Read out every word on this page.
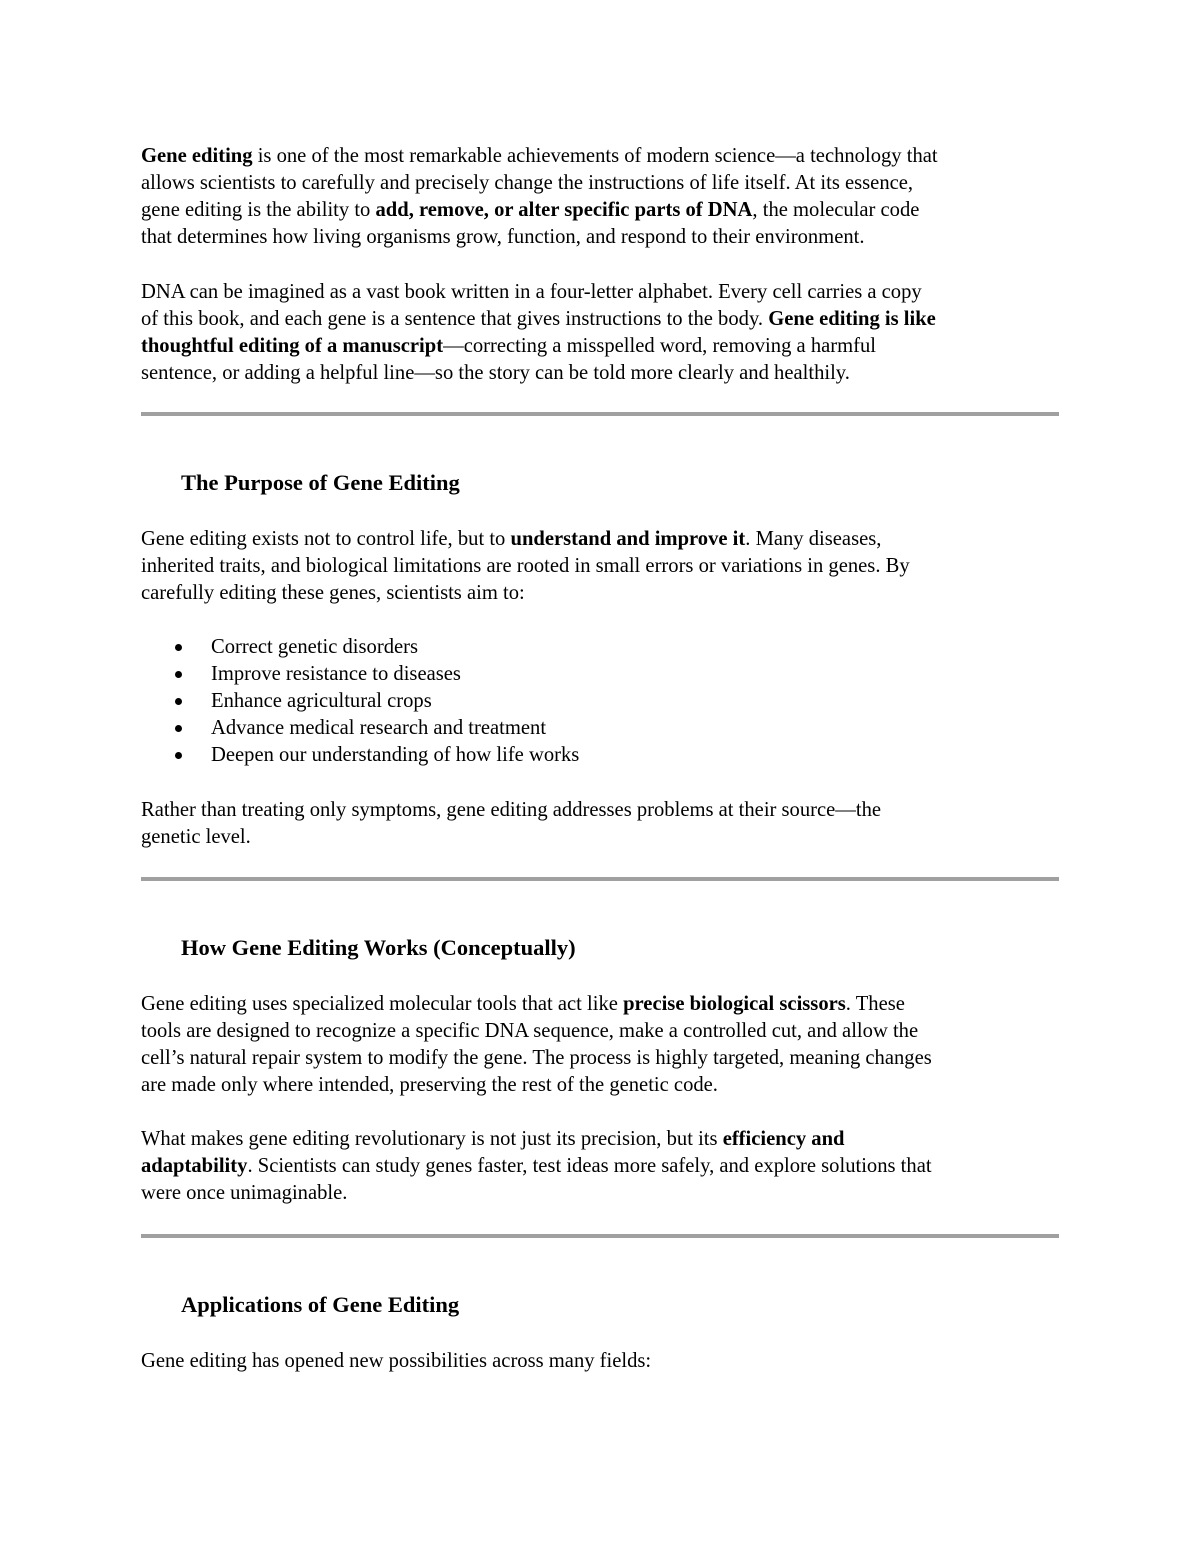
Gene editing is one of the most remarkable achievements of modern science—a technology that
allows scientists to carefully and precisely change the instructions of life itself. At its essence,
gene editing is the ability to add, remove, or alter specific parts of DNA, the molecular code
that determines how living organisms grow, function, and respond to their environment.

DNA can be imagined as a vast book written in a four-letter alphabet. Every cell carries a copy
of this book, and each gene is a sentence that gives instructions to the body. Gene editing is like
thoughtful editing of a manuscript—correcting a misspelled word, removing a harmful
sentence, or adding a helpful line—so the story can be told more clearly and healthily.

The Purpose of Gene Editing

Gene editing exists not to control life, but to understand and improve it. Many diseases,
inherited traits, and biological limitations are rooted in small errors or variations in genes. By
carefully editing these genes, scientists aim to:

Correct genetic disorders
Improve resistance to diseases
Enhance agricultural crops
Advance medical research and treatment
Deepen our understanding of how life works

Rather than treating only symptoms, gene editing addresses problems at their source—the
genetic level.

How Gene Editing Works (Conceptually)

Gene editing uses specialized molecular tools that act like precise biological scissors. These
tools are designed to recognize a specific DNA sequence, make a controlled cut, and allow the
cell’s natural repair system to modify the gene. The process is highly targeted, meaning changes
are made only where intended, preserving the rest of the genetic code.

What makes gene editing revolutionary is not just its precision, but its efficiency and
adaptability. Scientists can study genes faster, test ideas more safely, and explore solutions that
were once unimaginable.

Applications of Gene Editing

Gene editing has opened new possibilities across many fields:
